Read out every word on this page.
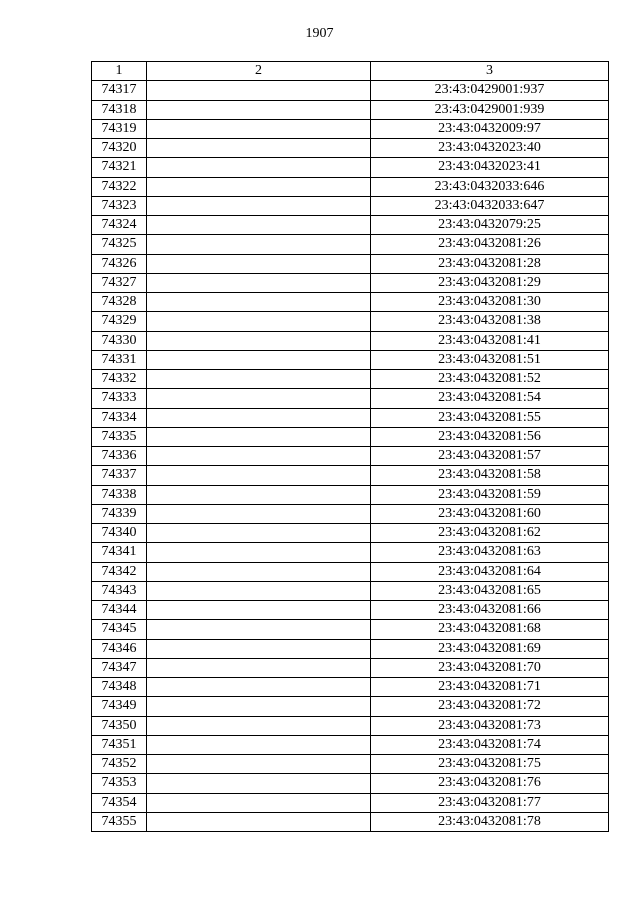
1907
1	2	3
74317		23:43:0429001:937
74318		23:43:0429001:939
74319		23:43:0432009:97
74320		23:43:0432023:40
74321		23:43:0432023:41
74322		23:43:0432033:646
74323		23:43:0432033:647
74324		23:43:0432079:25
74325		23:43:0432081:26
74326		23:43:0432081:28
74327		23:43:0432081:29
74328		23:43:0432081:30
74329		23:43:0432081:38
74330		23:43:0432081:41
74331		23:43:0432081:51
74332		23:43:0432081:52
74333		23:43:0432081:54
74334		23:43:0432081:55
74335		23:43:0432081:56
74336		23:43:0432081:57
74337		23:43:0432081:58
74338		23:43:0432081:59
74339		23:43:0432081:60
74340		23:43:0432081:62
74341		23:43:0432081:63
74342		23:43:0432081:64
74343		23:43:0432081:65
74344		23:43:0432081:66
74345		23:43:0432081:68
74346		23:43:0432081:69
74347		23:43:0432081:70
74348		23:43:0432081:71
74349		23:43:0432081:72
74350		23:43:0432081:73
74351		23:43:0432081:74
74352		23:43:0432081:75
74353		23:43:0432081:76
74354		23:43:0432081:77
74355		23:43:0432081:78
